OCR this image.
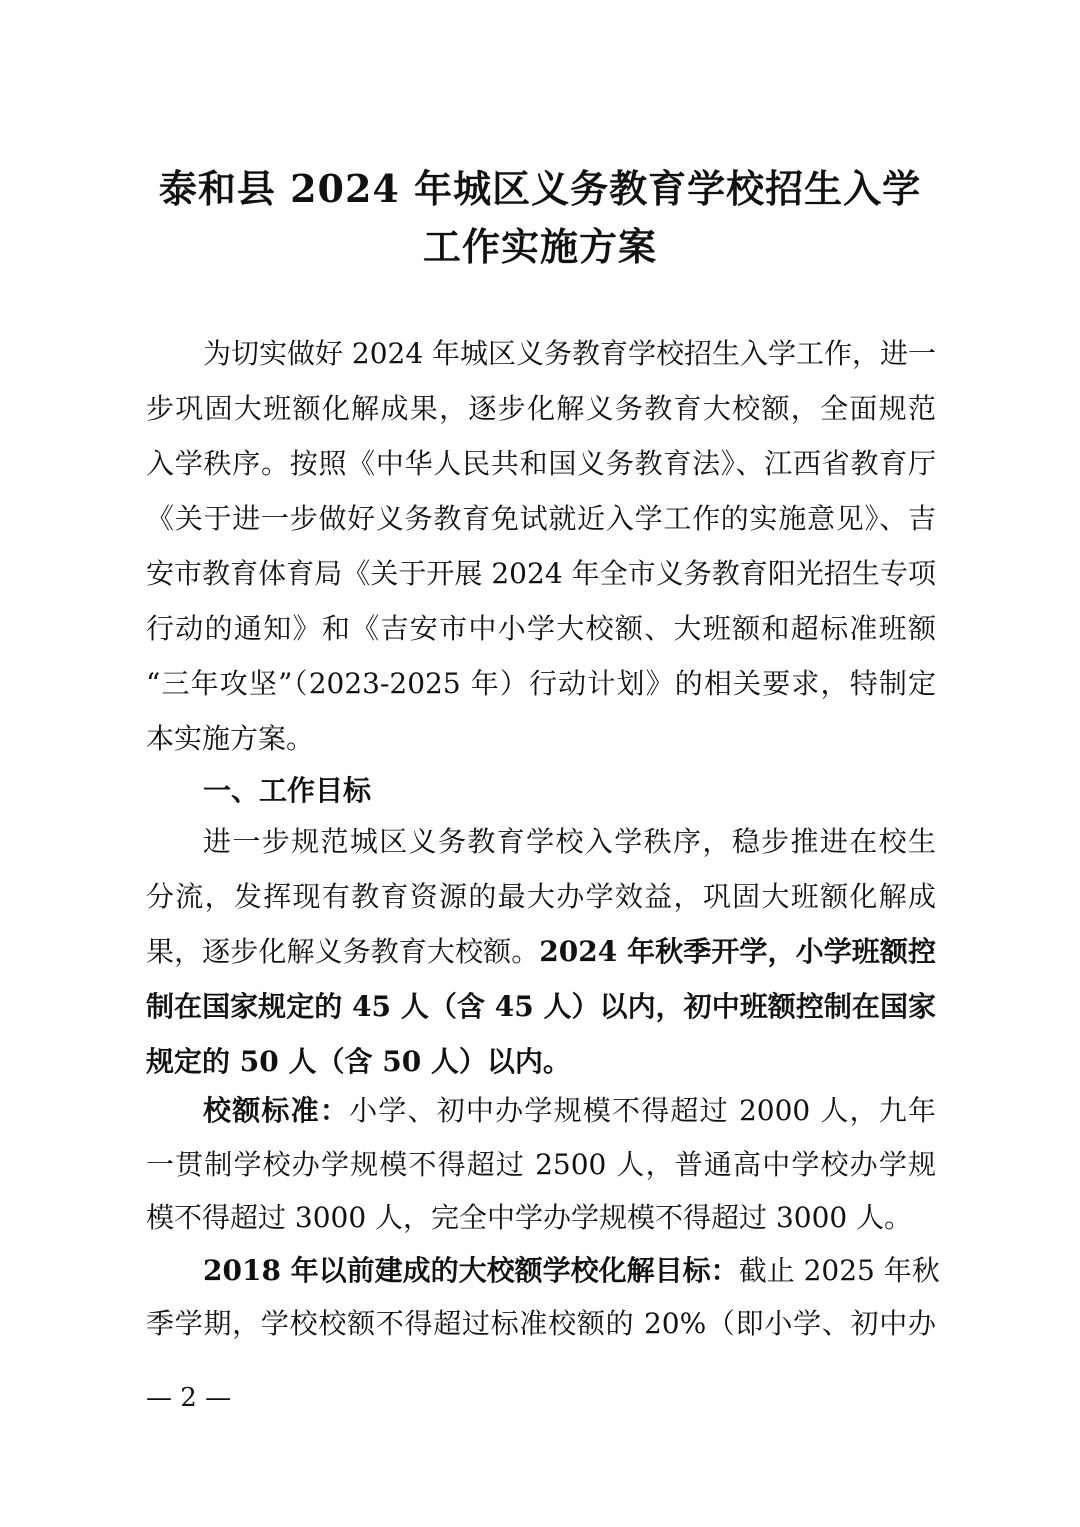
泰和县 2024 年城区义务教育学校招生入学
工作实施方案
为切实做好 2024 年城区义务教育学校招生入学工作，进一
步巩固大班额化解成果，逐步化解义务教育大校额，全面规范
入学秩序。按照《中华人民共和国义务教育法》、江西省教育厅
《关于进一步做好义务教育免试就近入学工作的实施意见》、吉
安市教育体育局《关于开展 2024 年全市义务教育阳光招生专项
行动的通知》和《吉安市中小学大校额、大班额和超标准班额
“三年攻坚”（2023-2025 年）行动计划》的相关要求，特制定
本实施方案。
一、工作目标
进一步规范城区义务教育学校入学秩序，稳步推进在校生
分流，发挥现有教育资源的最大办学效益，巩固大班额化解成
果，逐步化解义务教育大校额。2024 年秋季开学，小学班额控
制在国家规定的 45 人（含 45 人）以内，初中班额控制在国家
规定的 50 人（含 50 人）以内。
校额标准：小学、初中办学规模不得超过 2000 人，九年
一贯制学校办学规模不得超过 2500 人，普通高中学校办学规
模不得超过 3000 人，完全中学办学规模不得超过 3000 人。
2018 年以前建成的大校额学校化解目标：截止 2025 年秋
季学期，学校校额不得超过标准校额的 20%（即小学、初中办
— 2 —
